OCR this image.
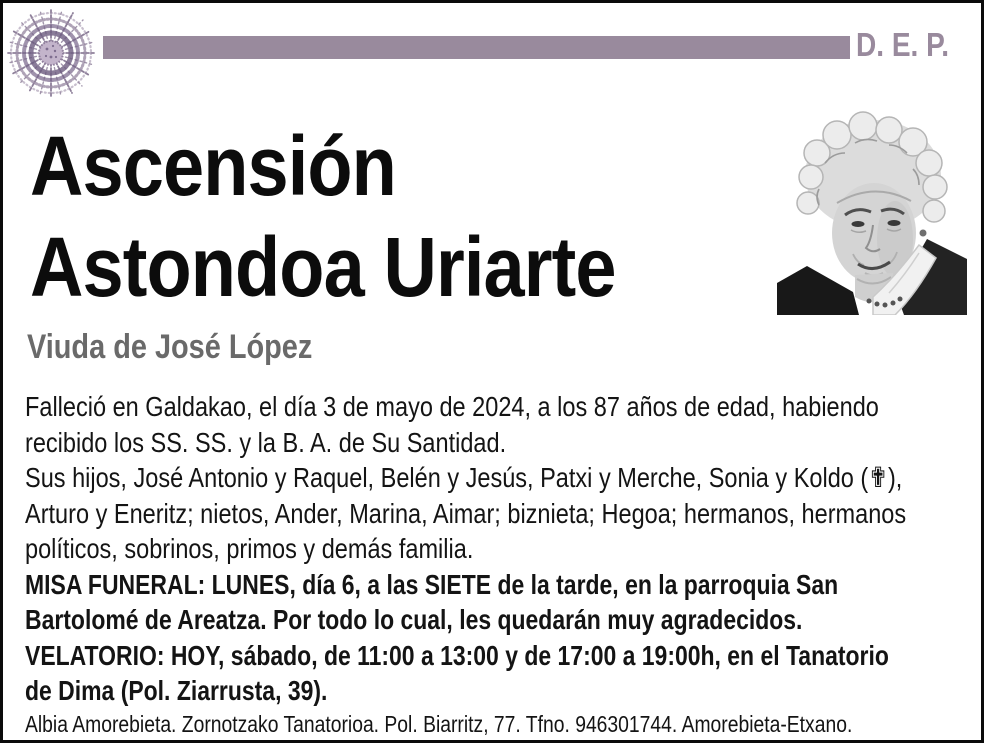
D. E. P.
Ascensión
Astondoa Uriarte
Viuda de José López

Falleció en Galdakao, el día 3 de mayo de 2024, a los 87 años de edad, habiendo
recibido los SS. SS. y la B. A. de Su Santidad.

Sus hijos, José Antonio y Raquel, Belén y Jesús, Patxi y Merche, Sonia y Koldo (✟),
Arturo y Eneritz; nietos, Ander, Marina, Aimar; biznieta; Hegoa; hermanos, hermanos
políticos, sobrinos, primos y demás familia.

MISA FUNERAL: LUNES, día 6, a las SIETE de la tarde, en la parroquia San
Bartolomé de Areatza. Por todo lo cual, les quedarán muy agradecidos.

VELATORIO: HOY, sábado, de 11:00 a 13:00 y de 17:00 a 19:00h, en el Tanatorio
de Dima (Pol. Ziarrusta, 39).

Albia Amorebieta. Zornotzako Tanatorioa. Pol. Biarritz, 77. Tfno. 946301744. Amorebieta-Etxano.
